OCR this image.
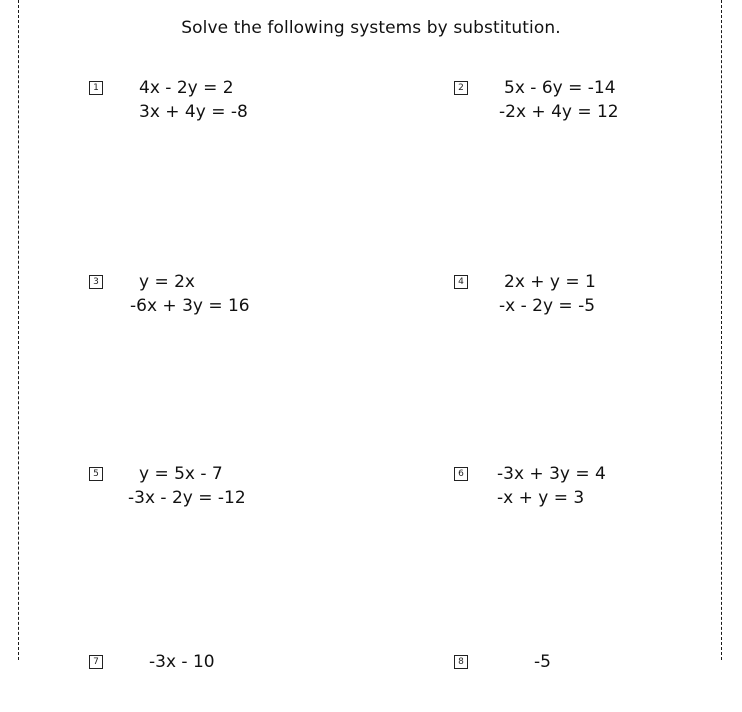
Solve the following systems by substitution.
1 4x - 2y = 2
3x + 4y = -8
2 5x - 6y = -14
-2x + 4y = 12
3 y = 2x
-6x + 3y = 16
4 2x + y = 1
-x - 2y = -5
5 y = 5x - 7
-3x - 2y = -12
6 -3x + 3y = 4
-x + y = 3
7	-3x - 10	8	-5
